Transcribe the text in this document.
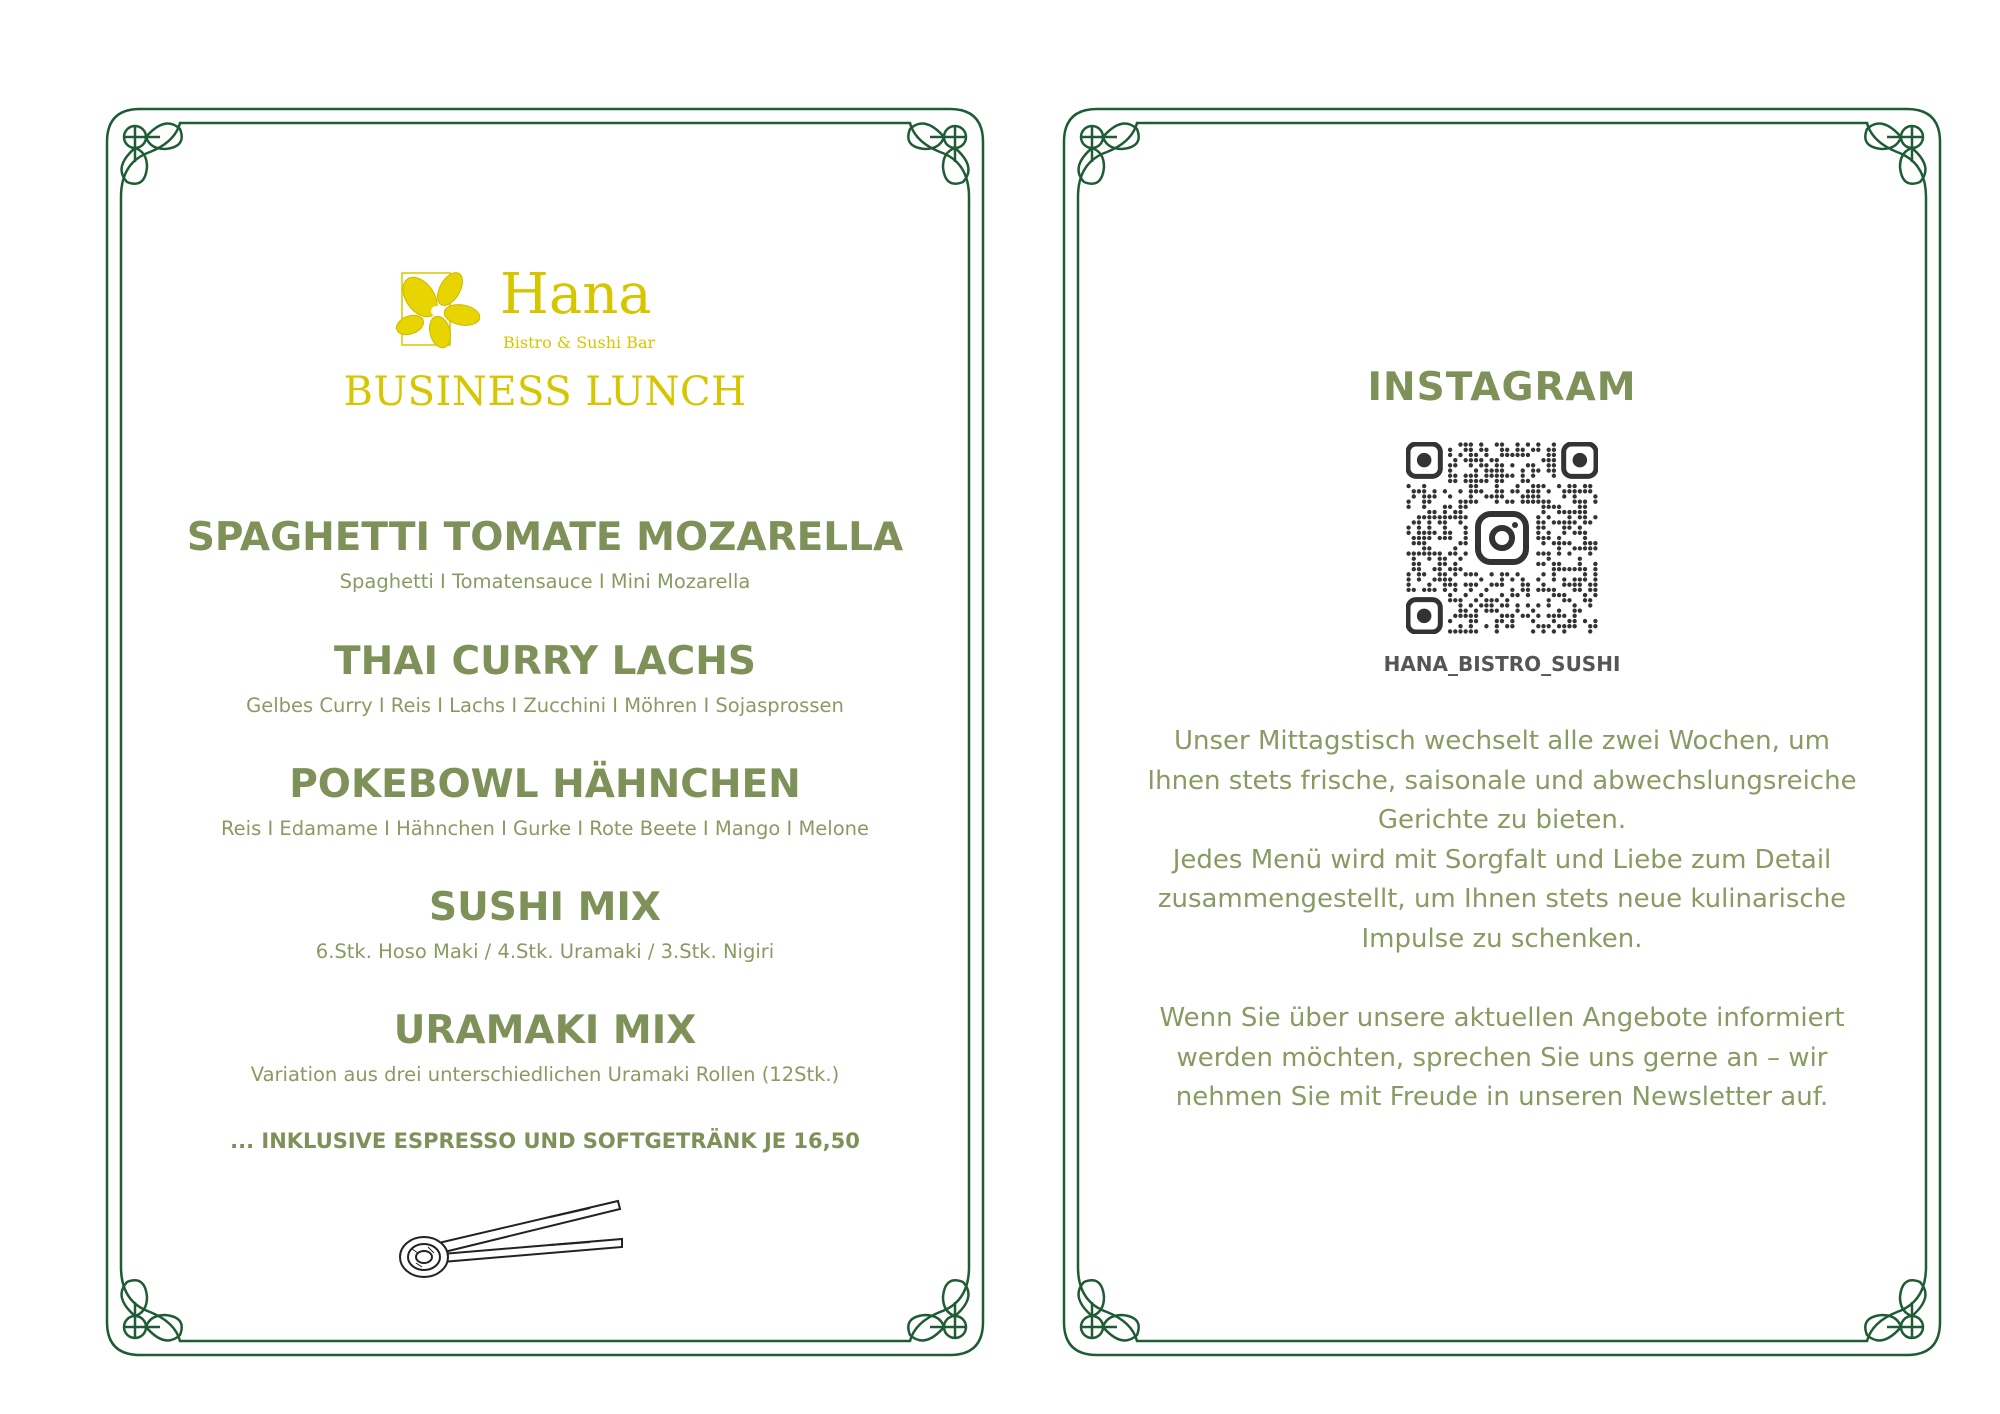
Hana
Bistro & Sushi Bar
BUSINESS LUNCH
SPAGHETTI TOMATE MOZARELLA
Spaghetti I Tomatensauce I Mini Mozarella
THAI CURRY LACHS
Gelbes Curry I Reis I Lachs I Zucchini I Möhren I Sojasprossen
POKEBOWL HÄHNCHEN
Reis I Edamame I Hähnchen I Gurke I Rote Beete I Mango I Melone
SUSHI MIX
6.Stk. Hoso Maki / 4.Stk. Uramaki / 3.Stk. Nigiri
URAMAKI MIX
Variation aus drei unterschiedlichen Uramaki Rollen (12Stk.)
... INKLUSIVE ESPRESSO UND SOFTGETRÄNK JE 16,50
INSTAGRAM
HANA_BISTRO_SUSHI
Unser Mittagstisch wechselt alle zwei Wochen, um
Ihnen stets frische, saisonale und abwechslungsreiche
Gerichte zu bieten.
Jedes Menü wird mit Sorgfalt und Liebe zum Detail
zusammengestellt, um Ihnen stets neue kulinarische
Impulse zu schenken.
Wenn Sie über unsere aktuellen Angebote informiert
werden möchten, sprechen Sie uns gerne an – wir
nehmen Sie mit Freude in unseren Newsletter auf.
